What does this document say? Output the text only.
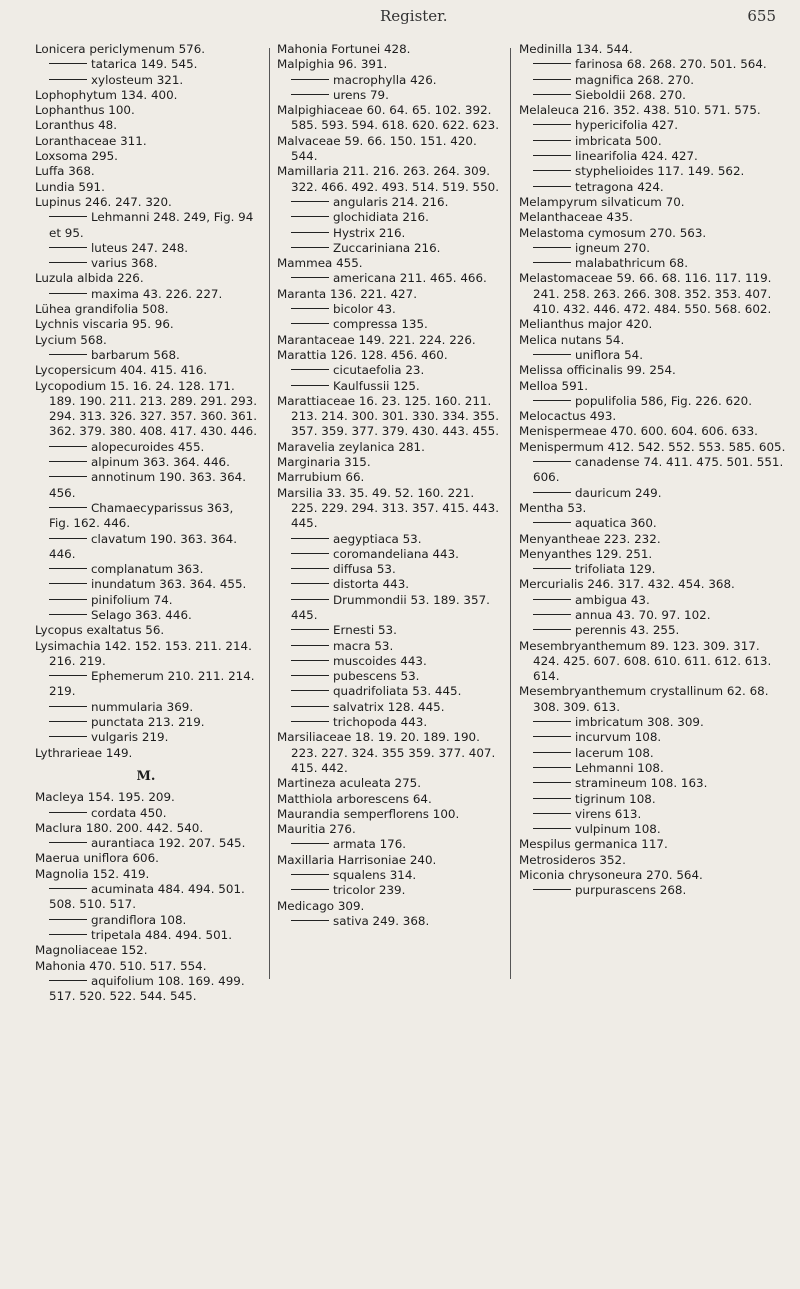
Register.	655
Lonicera periclymenum 576.
tatarica 149. 545.
xylosteum 321.
Lophophytum 134. 400.
Lophanthus 100.
Loranthus 48.
Loranthaceae 311.
Loxsoma 295.
Luffa 368.
Lundia 591.
Lupinus 246. 247. 320.
Lehmanni 248. 249, Fig. 94 et 95.
luteus 247. 248.
varius 368.
Luzula albida 226.
maxima 43. 226. 227.
Lühea grandifolia 508.
Lychnis viscaria 95. 96.
Lycium 568.
barbarum 568.
Lycopersicum 404. 415. 416.
Lycopodium 15. 16. 24. 128. 171. 189. 190. 211. 213. 289. 291. 293. 294. 313. 326. 327. 357. 360. 361. 362. 379. 380. 408. 417. 430. 446.
alopecuroides 455.
alpinum 363. 364. 446.
annotinum 190. 363. 364. 456.
Chamaecyparissus 363, Fig. 162. 446.
clavatum 190. 363. 364. 446.
complanatum 363.
inundatum 363. 364. 455.
pinifolium 74.
Selago 363. 446.
Lycopus exaltatus 56.
Lysimachia 142. 152. 153. 211. 214. 216. 219.
Ephemerum 210. 211. 214. 219.
nummularia 369.
punctata 213. 219.
vulgaris 219.
Lythrarieae 149.
M.
Macleya 154. 195. 209.
cordata 450.
Maclura 180. 200. 442. 540.
aurantiaca 192. 207. 545.
Maerua uniflora 606.
Magnolia 152. 419.
acuminata 484. 494. 501. 508. 510. 517.
grandiflora 108.
tripetala 484. 494. 501.
Magnoliaceae 152.
Mahonia 470. 510. 517. 554.
aquifolium 108. 169. 499. 517. 520. 522. 544. 545.
Mahonia Fortunei 428.
Malpighia 96. 391.
macrophylla 426.
urens 79.
Malpighiaceae 60. 64. 65. 102. 392. 585. 593. 594. 618. 620. 622. 623.
Malvaceae 59. 66. 150. 151. 420. 544.
Mamillaria 211. 216. 263. 264. 309. 322. 466. 492. 493. 514. 519. 550.
angularis 214. 216.
glochidiata 216.
Hystrix 216.
Zuccariniana 216.
Mammea 455.
americana 211. 465. 466.
Maranta 136. 221. 427.
bicolor 43.
compressa 135.
Marantaceae 149. 221. 224. 226.
Marattia 126. 128. 456. 460.
cicutaefolia 23.
Kaulfussii 125.
Marattiaceae 16. 23. 125. 160. 211. 213. 214. 300. 301. 330. 334. 355. 357. 359. 377. 379. 430. 443. 455.
Maravelia zeylanica 281.
Marginaria 315.
Marrubium 66.
Marsilia 33. 35. 49. 52. 160. 221. 225. 229. 294. 313. 357. 415. 443. 445.
aegyptiaca 53.
coromandeliana 443.
diffusa 53.
distorta 443.
Drummondii 53. 189. 357. 445.
Ernesti 53.
macra 53.
muscoides 443.
pubescens 53.
quadrifoliata 53. 445.
salvatrix 128. 445.
trichopoda 443.
Marsiliaceae 18. 19. 20. 189. 190. 223. 227. 324. 355 359. 377. 407. 415. 442.
Martineza aculeata 275.
Matthiola arborescens 64.
Maurandia semperflorens 100.
Mauritia 276.
armata 176.
Maxillaria Harrisoniae 240.
squalens 314.
tricolor 239.
Medicago 309.
sativa 249. 368.
Medinilla 134. 544.
farinosa 68. 268. 270. 501. 564.
magnifica 268. 270.
Sieboldii 268. 270.
Melaleuca 216. 352. 438. 510. 571. 575.
hypericifolia 427.
imbricata 500.
linearifolia 424. 427.
styphelioides 117. 149. 562.
tetragona 424.
Melampyrum silvaticum 70.
Melanthaceae 435.
Melastoma cymosum 270. 563.
igneum 270.
malabathricum 68.
Melastomaceae 59. 66. 68. 116. 117. 119. 241. 258. 263. 266. 308. 352. 353. 407. 410. 432. 446. 472. 484. 550. 568. 602.
Melianthus major 420.
Melica nutans 54.
uniflora 54.
Melissa officinalis 99. 254.
Melloa 591.
populifolia 586, Fig. 226. 620.
Melocactus 493.
Menispermeae 470. 600. 604. 606. 633.
Menispermum 412. 542. 552. 553. 585. 605.
canadense 74. 411. 475. 501. 551. 606.
dauricum 249.
Mentha 53.
aquatica 360.
Menyantheae 223. 232.
Menyanthes 129. 251.
trifoliata 129.
Mercurialis 246. 317. 432. 454. 368.
ambigua 43.
annua 43. 70. 97. 102.
perennis 43. 255.
Mesembryanthemum 89. 123. 309. 317. 424. 425. 607. 608. 610. 611. 612. 613. 614.
Mesembryanthemum crystallinum 62. 68. 308. 309. 613.
imbricatum 308. 309.
incurvum 108.
lacerum 108.
Lehmanni 108.
stramineum 108. 163.
tigrinum 108.
virens 613.
vulpinum 108.
Mespilus germanica 117.
Metrosideros 352.
Miconia chrysoneura 270. 564.
purpurascens 268.
